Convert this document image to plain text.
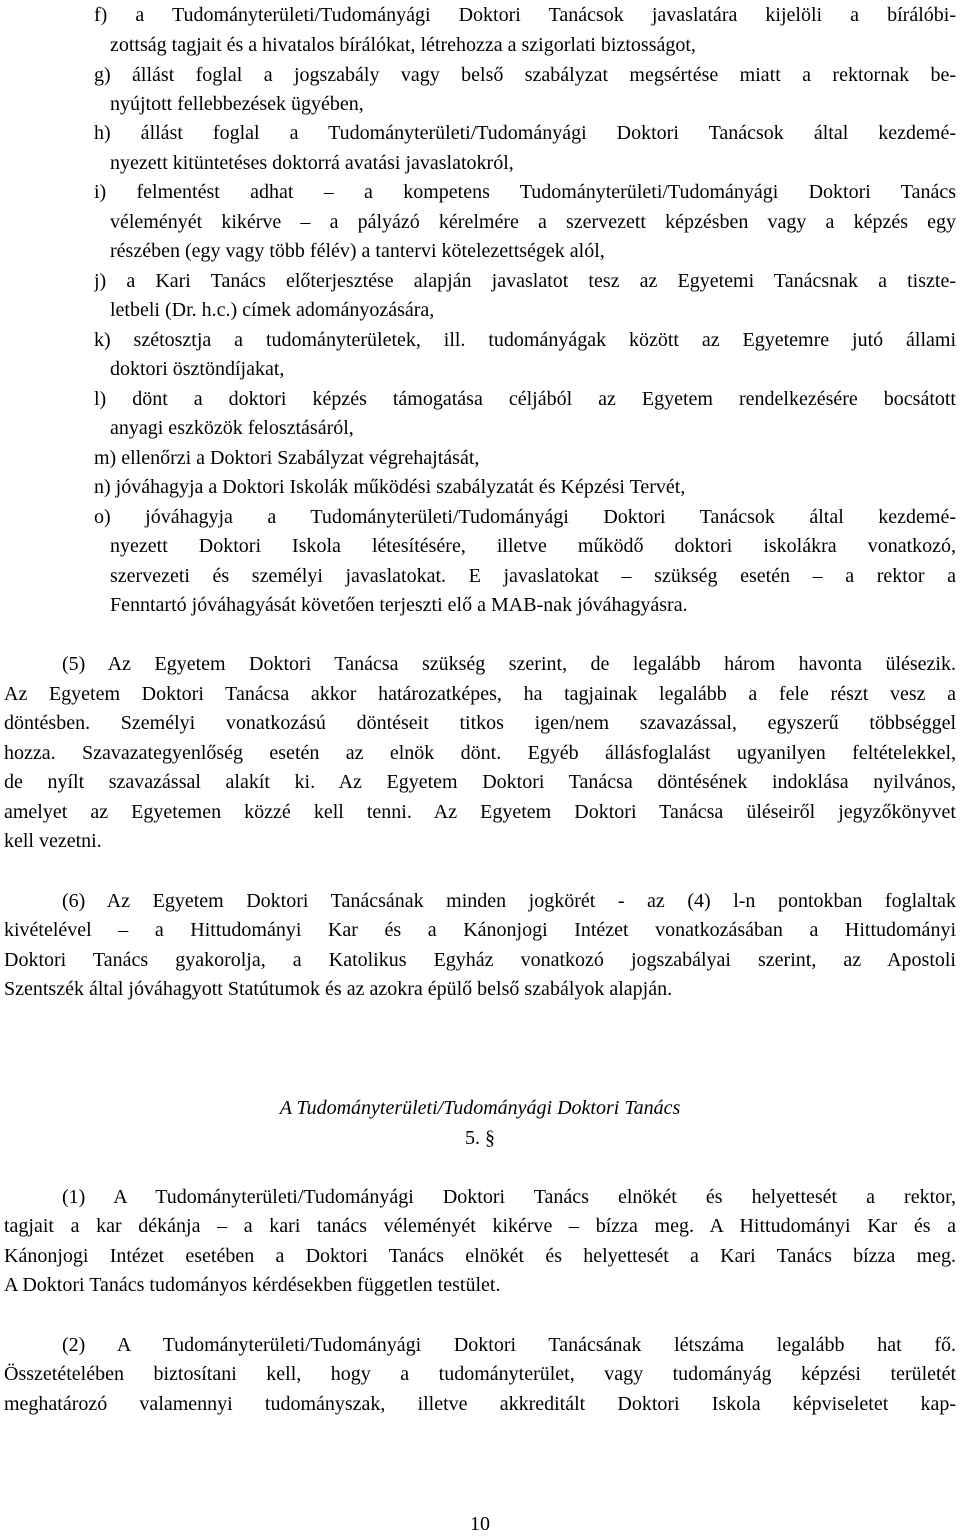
f) a Tudományterületi/Tudományági Doktori Tanácsok javaslatára kijelöli a bírálóbi-
zottság tagjait és a hivatalos bírálókat, létrehozza a szigorlati biztosságot,
g) állást foglal a jogszabály vagy belső szabályzat megsértése miatt a rektornak be-
nyújtott fellebbezések ügyében,
h) állást foglal a Tudományterületi/Tudományági Doktori Tanácsok által kezdemé-
nyezett kitüntetéses doktorrá avatási javaslatokról,
i) felmentést adhat – a kompetens Tudományterületi/Tudományági Doktori Tanács
véleményét kikérve – a pályázó kérelmére a szervezett képzésben vagy a képzés egy
részében (egy vagy több félév) a tantervi kötelezettségek alól,
j) a Kari Tanács előterjesztése alapján javaslatot tesz az Egyetemi Tanácsnak a tiszte-
letbeli (Dr. h.c.) címek adományozására,
k) szétosztja a tudományterületek, ill. tudományágak között az Egyetemre jutó állami
doktori ösztöndíjakat,
l) dönt a doktori képzés támogatása céljából az Egyetem rendelkezésére bocsátott
anyagi eszközök felosztásáról,
m) ellenőrzi a Doktori Szabályzat végrehajtását,
n) jóváhagyja a Doktori Iskolák működési szabályzatát és Képzési Tervét,
o) jóváhagyja a Tudományterületi/Tudományági Doktori Tanácsok által kezdemé-
nyezett Doktori Iskola létesítésére, illetve működő doktori iskolákra vonatkozó,
szervezeti és személyi javaslatokat. E javaslatokat – szükség esetén – a rektor a
Fenntartó jóváhagyását követően terjeszti elő a MAB-nak jóváhagyásra.
(5) Az Egyetem Doktori Tanácsa szükség szerint, de legalább három havonta ülésezik.
Az Egyetem Doktori Tanácsa akkor határozatképes, ha tagjainak legalább a fele részt vesz a
döntésben. Személyi vonatkozású döntéseit titkos igen/nem szavazással, egyszerű többséggel
hozza. Szavazategyenlőség esetén az elnök dönt. Egyéb állásfoglalást ugyanilyen feltételekkel,
de nyílt szavazással alakít ki. Az Egyetem Doktori Tanácsa döntésének indoklása nyilvános,
amelyet az Egyetemen közzé kell tenni. Az Egyetem Doktori Tanácsa üléseiről jegyzőkönyvet
kell vezetni.
(6) Az Egyetem Doktori Tanácsának minden jogkörét - az (4) l-n pontokban foglaltak
kivételével – a Hittudományi Kar és a Kánonjogi Intézet vonatkozásában a Hittudományi
Doktori Tanács gyakorolja, a Katolikus Egyház vonatkozó jogszabályai szerint, az Apostoli
Szentszék által jóváhagyott Statútumok és az azokra épülő belső szabályok alapján.
A Tudományterületi/Tudományági Doktori Tanács
5. §
(1) A Tudományterületi/Tudományági Doktori Tanács elnökét és helyettesét a rektor,
tagjait a kar dékánja – a kari tanács véleményét kikérve – bízza meg. A Hittudományi Kar és a
Kánonjogi Intézet esetében a Doktori Tanács elnökét és helyettesét a Kari Tanács bízza meg.
A Doktori Tanács tudományos kérdésekben független testület.
(2) A Tudományterületi/Tudományági Doktori Tanácsának létszáma legalább hat fő.
Összetételében biztosítani kell, hogy a tudományterület, vagy tudományág képzési területét
meghatározó valamennyi tudományszak, illetve akkreditált Doktori Iskola képviseletet kap-
10
